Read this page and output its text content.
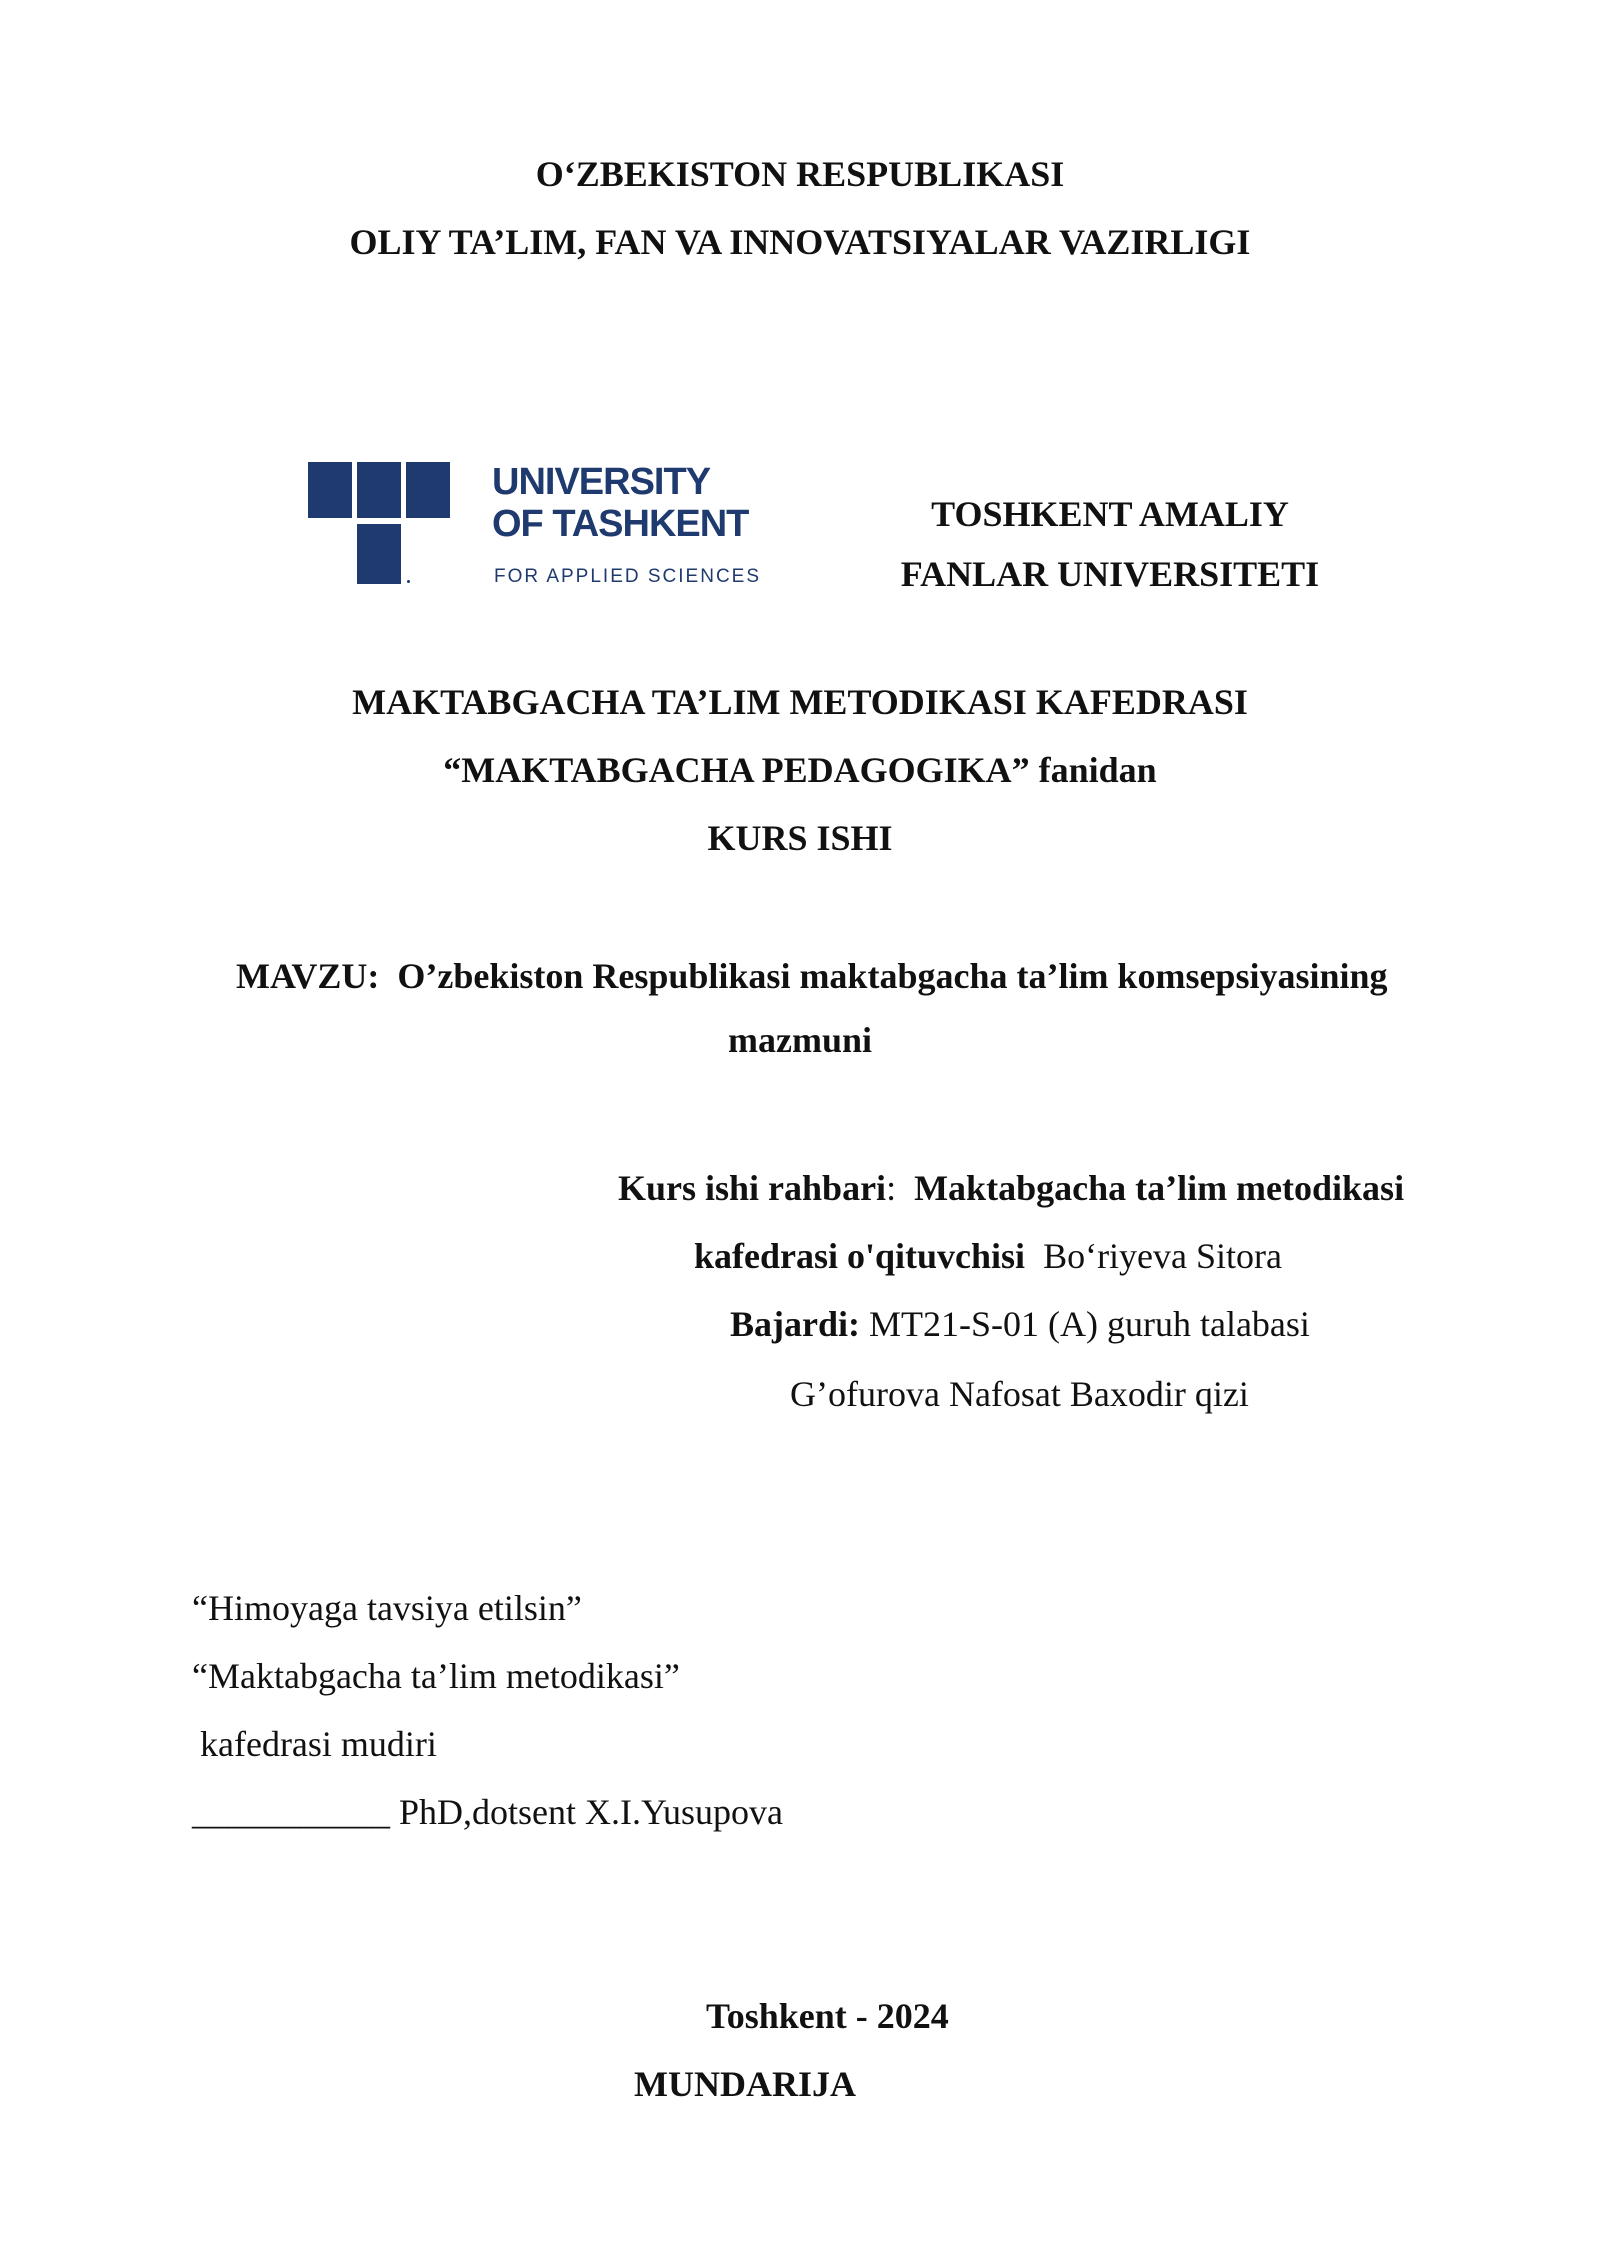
O‘ZBEKISTON RESPUBLIKASI
OLIY TA’LIM, FAN VA INNOVATSIYALAR VAZIRLIGI
UNIVERSITY
OF TASHKENT
FOR APPLIED SCIENCES
TOSHKENT AMALIY
FANLAR UNIVERSITETI
MAKTABGACHA TA’LIM METODIKASI KAFEDRASI
“MAKTABGACHA PEDAGOGIKA” fanidan
KURS ISHI
MAVZU: O’zbekiston Respublikasi maktabgacha ta’lim komsepsiyasining
mazmuni
Kurs ishi rahbari: Maktabgacha ta’lim metodikasi
kafedrasi o'qituvchisi Bo‘riyeva Sitora
Bajardi: MT21-S-01 (A) guruh talabasi
G’ofurova Nafosat Baxodir qizi
“Himoyaga tavsiya etilsin”
“Maktabgacha ta’lim metodikasi”
kafedrasi mudiri
___________ PhD,dotsent X.I.Yusupova
Toshkent - 2024
MUNDARIJA
